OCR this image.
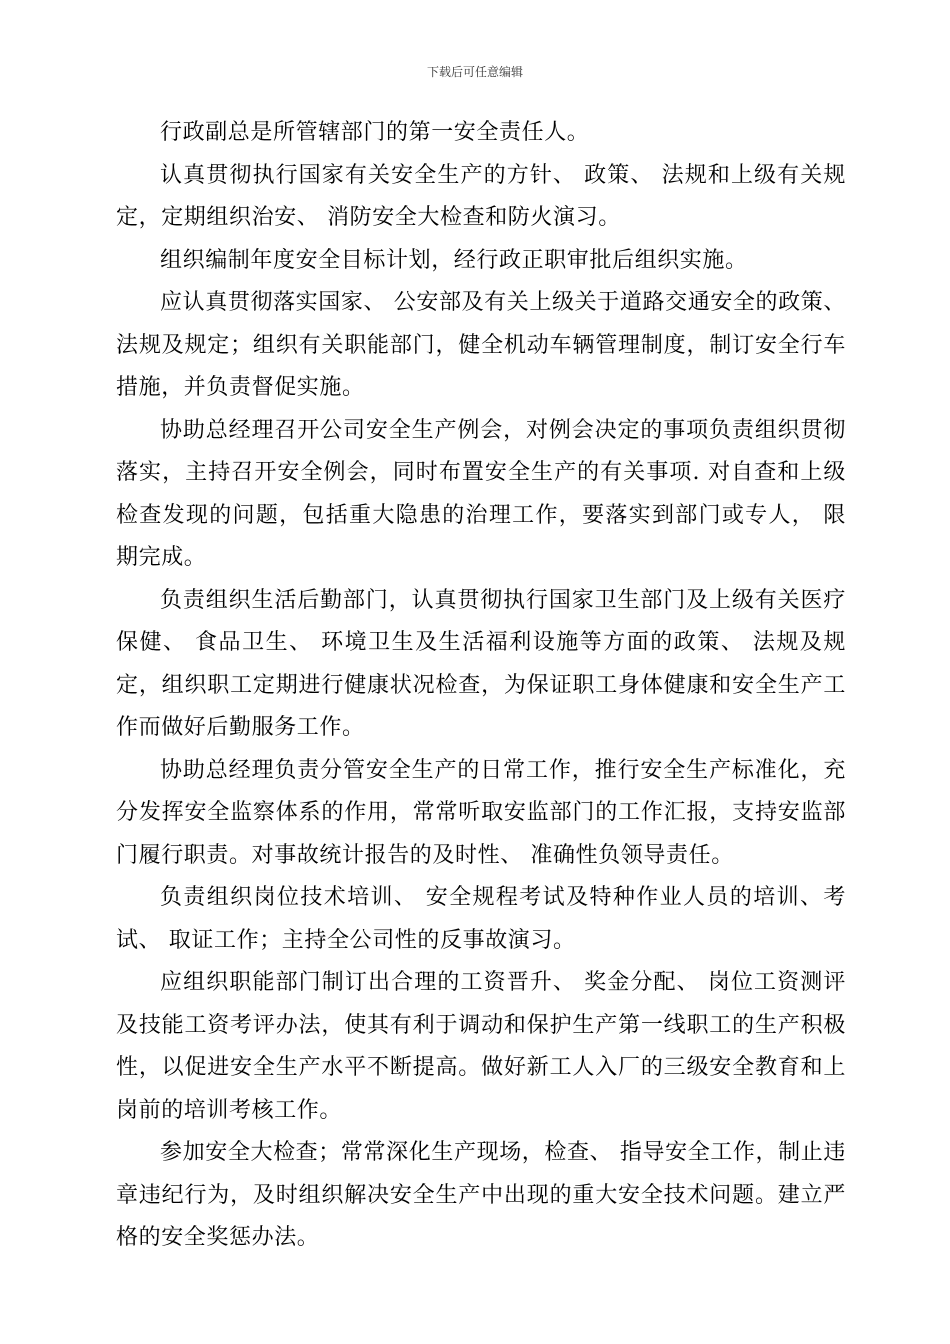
下载后可任意编辑

行政副总是所管辖部门的第一安全责任人。

认真贯彻执行国家有关安全生产的方针、 政策、 法规和上级有关规定，定期组织治安、 消防安全大检查和防火演习。

组织编制年度安全目标计划，经行政正职审批后组织实施。

应认真贯彻落实国家、 公安部及有关上级关于道路交通安全的政策、 法规及规定；组织有关职能部门，健全机动车辆管理制度，制订安全行车措施，并负责督促实施。

协助总经理召开公司安全生产例会，对例会决定的事项负责组织贯彻落实，主持召开安全例会，同时布置安全生产的有关事项. 对自查和上级检查发现的问题，包括重大隐患的治理工作，要落实到部门或专人， 限期完成。

负责组织生活后勤部门，认真贯彻执行国家卫生部门及上级有关医疗保健、 食品卫生、 环境卫生及生活福利设施等方面的政策、 法规及规定，组织职工定期进行健康状况检查，为保证职工身体健康和安全生产工作而做好后勤服务工作。

协助总经理负责分管安全生产的日常工作，推行安全生产标准化，充分发挥安全监察体系的作用，常常听取安监部门的工作汇报，支持安监部门履行职责。对事故统计报告的及时性、 准确性负领导责任。

负责组织岗位技术培训、 安全规程考试及特种作业人员的培训、考试、 取证工作；主持全公司性的反事故演习。

应组织职能部门制订出合理的工资晋升、 奖金分配、 岗位工资测评及技能工资考评办法，使其有利于调动和保护生产第一线职工的生产积极性，以促进安全生产水平不断提高。做好新工人入厂的三级安全教育和上岗前的培训考核工作。

参加安全大检查；常常深化生产现场，检查、 指导安全工作，制止违章违纪行为，及时组织解决安全生产中出现的重大安全技术问题。建立严格的安全奖惩办法。
